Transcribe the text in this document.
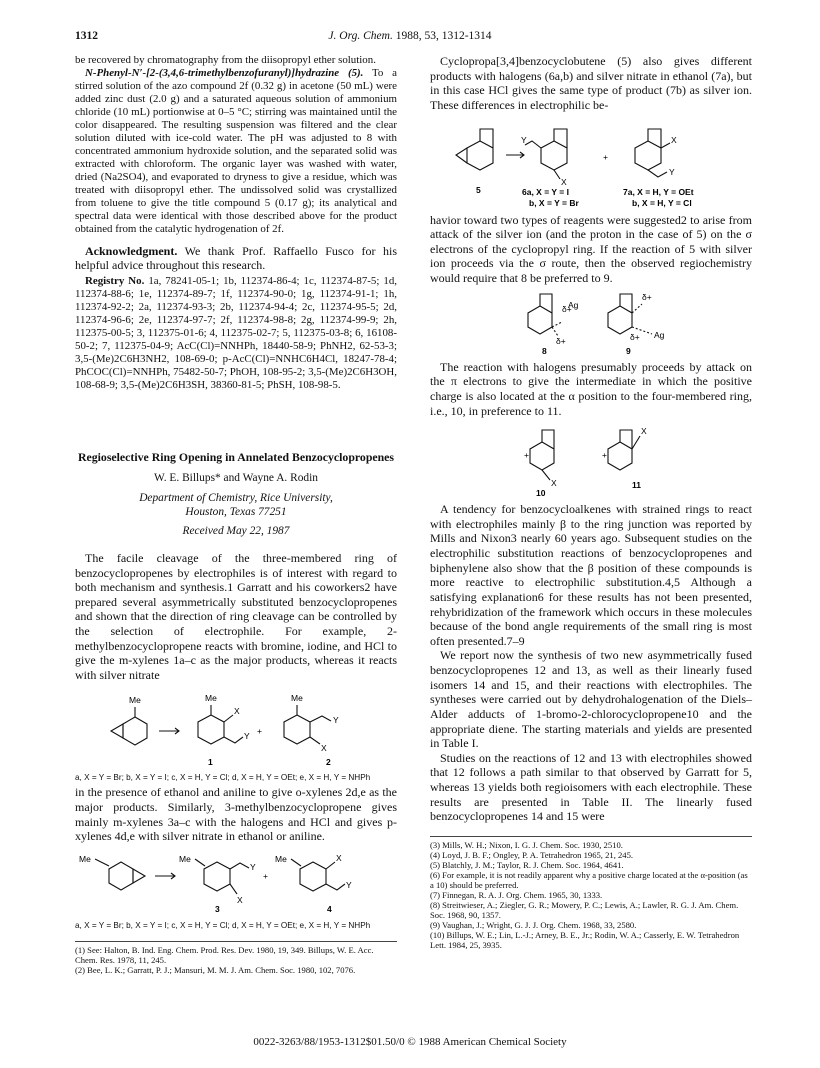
1312	J. Org. Chem. 1988, 53, 1312-1314

be recovered by chromatography from the diisopropyl ether solution.

N-Phenyl-N′-[2-(3,4,6-trimethylbenzofuranyl)]hydrazine (5). To a stirred solution of the azo compound 2f (0.32 g) in acetone (50 mL) were added zinc dust (2.0 g) and a saturated aqueous solution of ammonium chloride (10 mL) portionwise at 0–5 °C; stirring was maintained until the color disappeared. The resulting suspension was filtered and the clear solution diluted with ice-cold water. The pH was adjusted to 8 with concentrated ammonium hydroxide solution, and the separated solid was extracted with chloroform. The organic layer was washed with water, dried (Na2SO4), and evaporated to dryness to give a residue, which was treated with diisopropyl ether. The undissolved solid was crystallized from toluene to give the title compound 5 (0.17 g); its analytical and spectral data were identical with those described above for the product obtained from the catalytic hydrogenation of 2f.

Acknowledgment. We thank Prof. Raffaello Fusco for his helpful advice throughout this research.

Registry No. 1a, 78241-05-1; 1b, 112374-86-4; 1c, 112374-87-5; 1d, 112374-88-6; 1e, 112374-89-7; 1f, 112374-90-0; 1g, 112374-91-1; 1h, 112374-92-2; 2a, 112374-93-3; 2b, 112374-94-4; 2c, 112374-95-5; 2d, 112374-96-6; 2e, 112374-97-7; 2f, 112374-98-8; 2g, 112374-99-9; 2h, 112375-00-5; 3, 112375-01-6; 4, 112375-02-7; 5, 112375-03-8; 6, 16108-50-2; 7, 112375-04-9; AcC(Cl)=NNHPh, 18440-58-9; PhNH2, 62-53-3; 3,5-(Me)2C6H3NH2, 108-69-0; p-AcC(Cl)=NNHC6H4Cl, 18247-78-4; PhCOC(Cl)=NNHPh, 75482-50-7; PhOH, 108-95-2; 3,5-(Me)2C6H3OH, 108-68-9; 3,5-(Me)2C6H3SH, 38360-81-5; PhSH, 108-98-5.

Regioselective Ring Opening in Annelated Benzocyclopropenes

W. E. Billups* and Wayne A. Rodin

Department of Chemistry, Rice University,

Houston, Texas 77251

Received May 22, 1987

The facile cleavage of the three-membered ring of benzocyclopropenes by electrophiles is of interest with regard to both mechanism and synthesis.1 Garratt and his coworkers2 have prepared several asymmetrically substituted benzocyclopropenes and shown that the direction of ring cleavage can be controlled by the selection of electrophile. For example, 2-methylbenzocyclopropene reacts with bromine, iodine, and HCl to give the m-xylenes 1a–c as the major products, whereas it reacts with silver nitrate

Me	Me
X
Y
1
+
Me
Y
X
2

a, X = Y = Br; b, X = Y = I; c, X = H, Y = Cl; d, X = H, Y = OEt; e, X = H, Y = NHPh

in the presence of ethanol and aniline to give o-xylenes 2d,e as the major products. Similarly, 3-methylbenzocyclopropene gives mainly m-xylenes 3a–c with the halogens and HCl and gives p-xylenes 4d,e with silver nitrate in ethanol or aniline.

Me	Me
Y
X
3
+
Me	X
Y
4

a, X = Y = Br; b, X = Y = I; c, X = H, Y = Cl; d, X = H, Y = OEt; e, X = H, Y = NHPh

(1) See: Halton, B. Ind. Eng. Chem. Prod. Res. Dev. 1980, 19, 349. Billups, W. E. Acc. Chem. Res. 1978, 11, 245.

(2) Bee, L. K.; Garratt, P. J.; Mansuri, M. M. J. Am. Chem. Soc. 1980, 102, 7076.

Cyclopropa[3,4]benzocyclobutene (5) also gives different products with halogens (6a,b) and silver nitrate in ethanol (7a), but in this case HCl gives the same type of product (7b) as silver ion. These differences in electrophilic be-

5
Y
X
6a, X = Y = I
b, X = Y = Br
+
X
Y
7a, X = H, Y = OEt
b, X = H, Y = Cl

havior toward two types of reagents were suggested2 to arise from attack of the silver ion (and the proton in the case of 5) on the σ electrons of the cyclopropyl ring. If the reaction of 5 with silver ion proceeds via the σ route, then the observed regiochemistry would require that 8 be preferred to 9.

δ+
Ag
δ+
8
δ+
δ+ Ag
9

The reaction with halogens presumably proceeds by attack on the π electrons to give the intermediate in which the positive charge is also located at the α position to the four-membered ring, i.e., 10, in preference to 11.

X
+
10
X
+
11

A tendency for benzocycloalkenes with strained rings to react with electrophiles mainly β to the ring junction was reported by Mills and Nixon3 nearly 60 years ago. Subsequent studies on the electrophilic substitution reactions of benzocyclopropenes and biphenylene also show that the β position of these compounds is more reactive to electrophilic substitution.4,5 Although a satisfying explanation6 for these results has not been presented, rehybridization of the framework which occurs in these molecules because of the bond angle requirements of the small ring is most often presented.7–9

We report now the synthesis of two new asymmetrically fused benzocyclopropenes 12 and 13, as well as their linearly fused isomers 14 and 15, and their reactions with electrophiles. The syntheses were carried out by dehydrohalogenation of the Diels–Alder adducts of 1-bromo-2-chlorocyclopropene10 and the appropriate diene. The starting materials and yields are presented in Table I.

Studies on the reactions of 12 and 13 with electrophiles showed that 12 follows a path similar to that observed by Garratt for 5, whereas 13 yields both regioisomers with each electrophile. These results are presented in Table II. The linearly fused benzocyclopropenes 14 and 15 were

(3) Mills, W. H.; Nixon, I. G. J. Chem. Soc. 1930, 2510.

(4) Loyd, J. B. F.; Ongley, P. A. Tetrahedron 1965, 21, 245.

(5) Blatchly, J. M.; Taylor, R. J. Chem. Soc. 1964, 4641.

(6) For example, it is not readily apparent why a positive charge located at the α-position (as a 10) should be preferred.

(7) Finnegan, R. A. J. Org. Chem. 1965, 30, 1333.

(8) Streitwieser, A.; Ziegler, G. R.; Mowery, P. C.; Lewis, A.; Lawler, R. G. J. Am. Chem. Soc. 1968, 90, 1357.

(9) Vaughan, J.; Wright, G. J. J. Org. Chem. 1968, 33, 2580.

(10) Billups, W. E.; Lin, L.-J.; Arney, B. E., Jr.; Rodin, W. A.; Casserly, E. W. Tetrahedron Lett. 1984, 25, 3935.

0022-3263/88/1953-1312$01.50/0 © 1988 American Chemical Society
